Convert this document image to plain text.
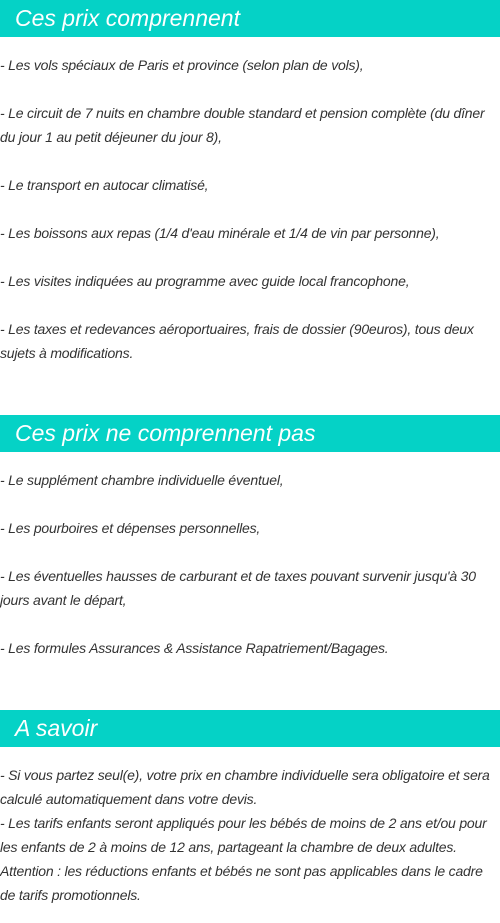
Ces prix comprennent
- Les vols spéciaux de Paris et province (selon plan de vols),
- Le circuit de 7 nuits en chambre double standard et pension complète (du dîner du jour 1 au petit déjeuner du jour 8),
- Le transport en autocar climatisé,
- Les boissons aux repas (1/4 d'eau minérale et 1/4 de vin par personne),
- Les visites indiquées au programme avec guide local francophone,
- Les taxes et redevances aéroportuaires, frais de dossier (90euros), tous deux sujets à modifications.
Ces prix ne comprennent pas
- Le supplément chambre individuelle éventuel,
- Les pourboires et dépenses personnelles,
- Les éventuelles hausses de carburant et de taxes pouvant survenir jusqu'à 30 jours avant le départ,
- Les formules Assurances & Assistance Rapatriement/Bagages.
A savoir
- Si vous partez seul(e), votre prix en chambre individuelle sera obligatoire et sera calculé automatiquement dans votre devis.
- Les tarifs enfants seront appliqués pour les bébés de moins de 2 ans et/ou pour les enfants de 2 à moins de 12 ans, partageant la chambre de deux adultes.
Attention : les réductions enfants et bébés ne sont pas applicables dans le cadre de tarifs promotionnels.
